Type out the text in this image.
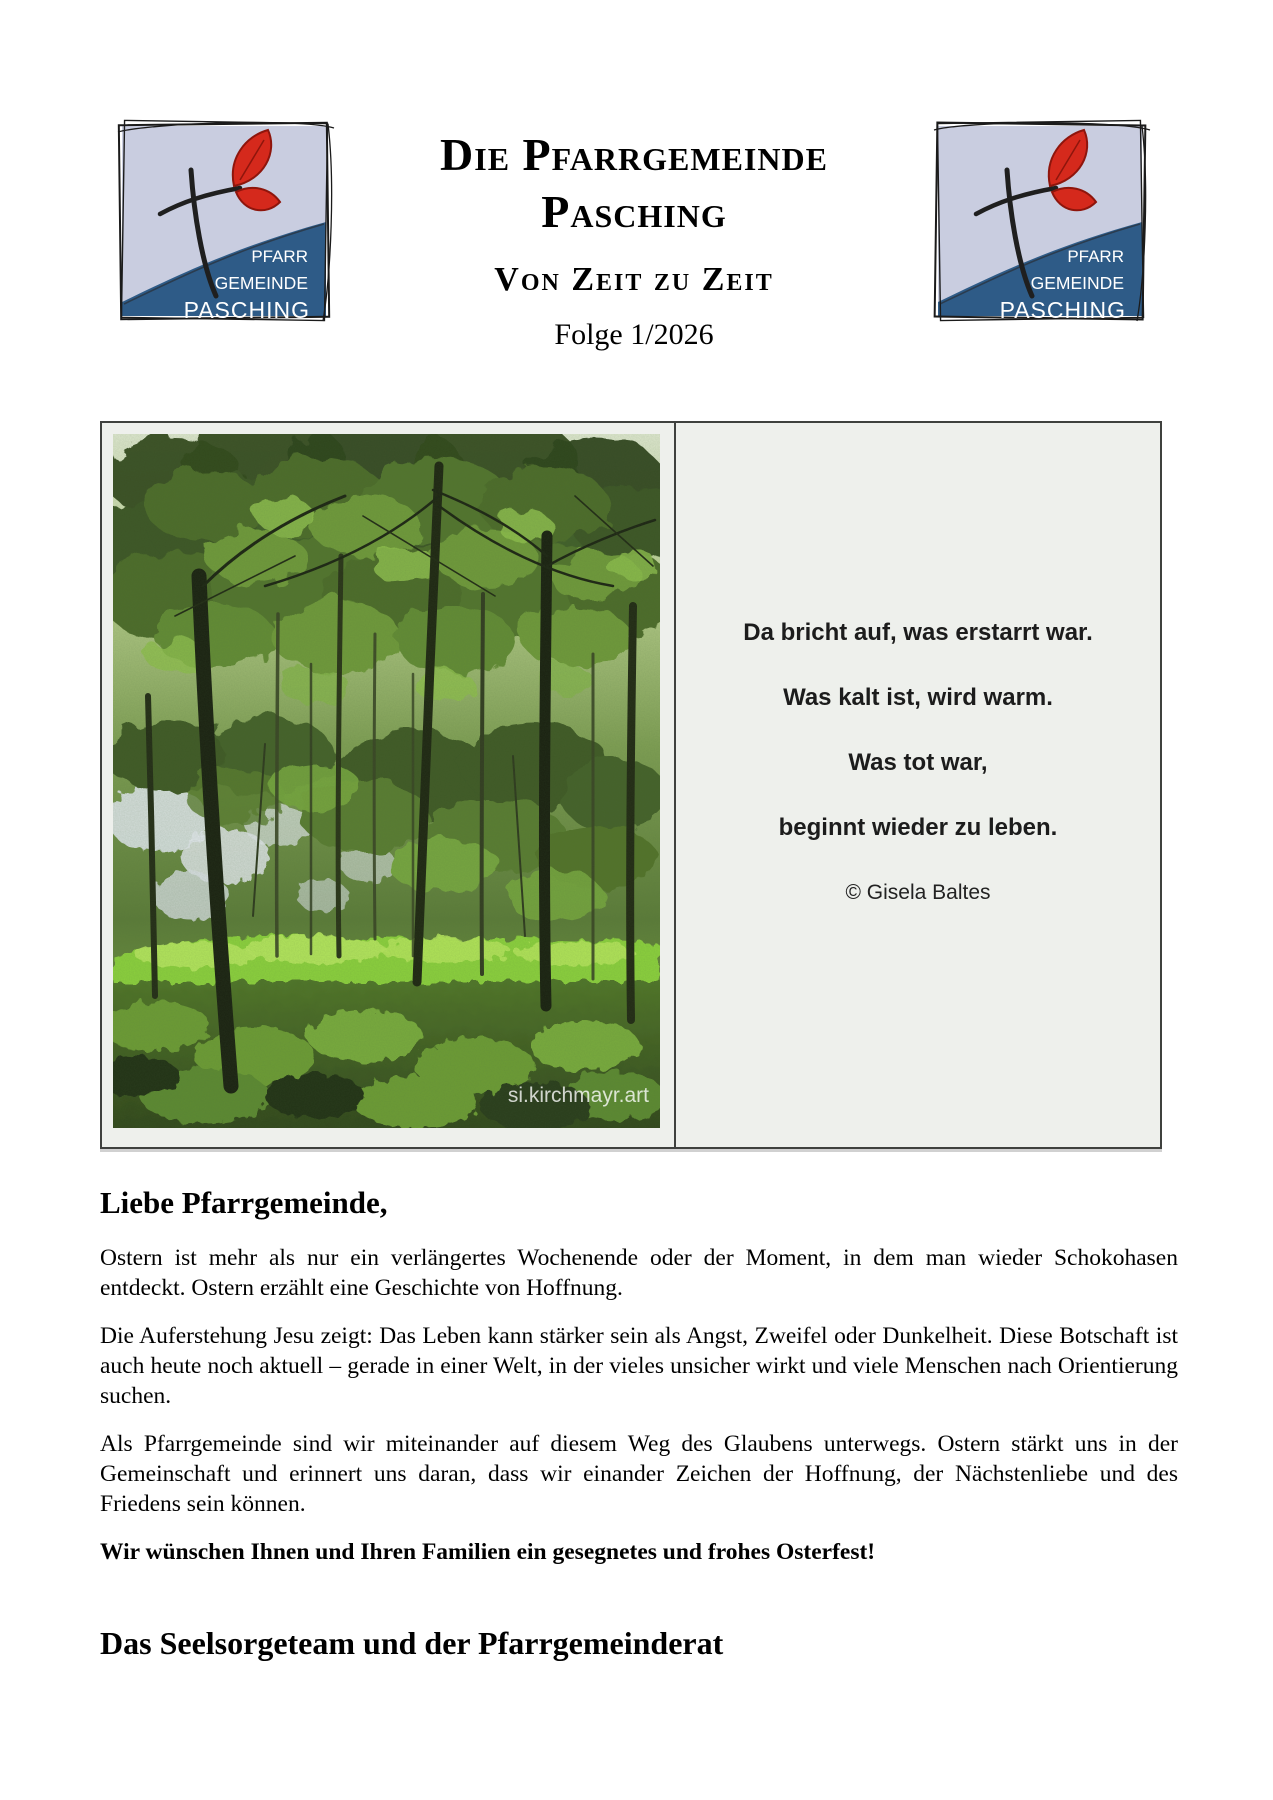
PFARR
GEMEINDE
PASCHING
Die Pfarrgemeinde
Pasching
Von Zeit zu Zeit
Folge 1/2026
PFARR
GEMEINDE
PASCHING
si.kirchmayr.art
Da bricht auf, was erstarrt war.
Was kalt ist, wird warm.
Was tot war,
beginnt wieder zu leben.
© Gisela Baltes
Liebe Pfarrgemeinde,

Ostern ist mehr als nur ein verlängertes Wochenende oder der Moment, in dem man wieder Schokohasen entdeckt. Ostern erzählt eine Geschichte von Hoffnung.

Die Auferstehung Jesu zeigt: Das Leben kann stärker sein als Angst, Zweifel oder Dunkelheit. Diese Botschaft ist auch heute noch aktuell – gerade in einer Welt, in der vieles unsicher wirkt und viele Menschen nach Orientierung suchen.

Als Pfarrgemeinde sind wir miteinander auf diesem Weg des Glaubens unterwegs. Ostern stärkt uns in der Gemeinschaft und erinnert uns daran, dass wir einander Zeichen der Hoffnung, der Nächstenliebe und des Friedens sein können.

Wir wünschen Ihnen und Ihren Familien ein gesegnetes und frohes Osterfest!

Das Seelsorgeteam und der Pfarrgemeinderat
